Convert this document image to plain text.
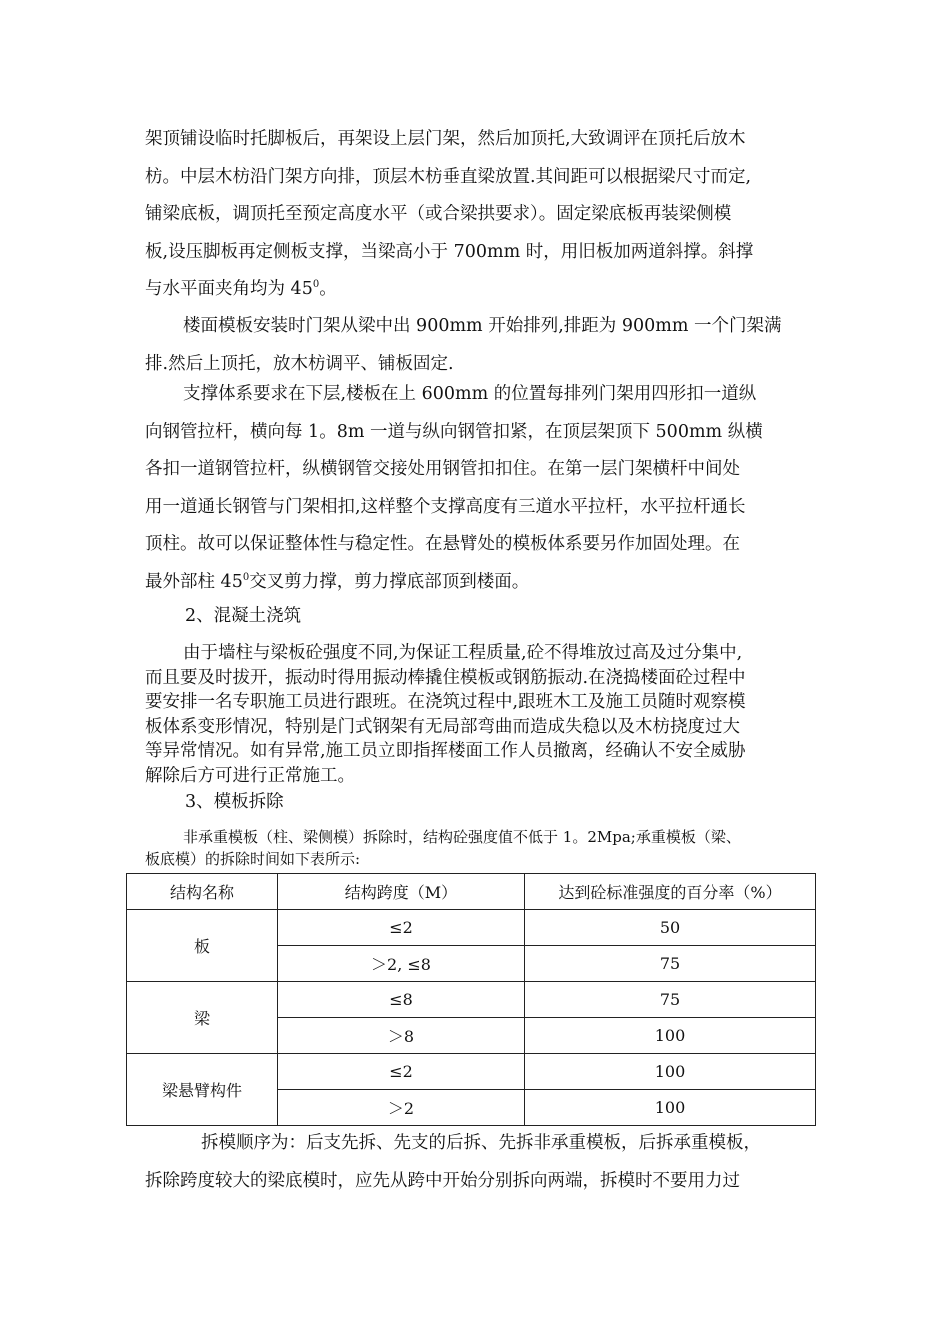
架顶铺设临时托脚板后，再架设上层门架，然后加顶托,大致调评在顶托后放木
枋。中层木枋沿门架方向排，顶层木枋垂直梁放置.其间距可以根据梁尺寸而定,
铺梁底板，调顶托至预定高度水平（或合梁拱要求）。固定梁底板再装梁侧模
板,设压脚板再定侧板支撑，当梁高小于 700mm 时，用旧板加两道斜撑。斜撑
与水平面夹角均为 $45^0$。
楼面模板安装时门架从梁中出 900mm 开始排列,排距为 900mm 一个门架满
排.然后上顶托，放木枋调平、铺板固定.
支撑体系要求在下层,楼板在上 600mm 的位置每排列门架用四形扣一道纵
向钢管拉杆，横向每 1。8m 一道与纵向钢管扣紧，在顶层架顶下 500mm 纵横
各扣一道钢管拉杆，纵横钢管交接处用钢管扣扣住。在第一层门架横杆中间处
用一道通长钢管与门架相扣,这样整个支撑高度有三道水平拉杆，水平拉杆通长
顶柱。故可以保证整体性与稳定性。在悬臂处的模板体系要另作加固处理。在
最外部柱 $45^0$交叉剪力撑，剪力撑底部顶到楼面。
2、混凝土浇筑
由于墙柱与梁板砼强度不同,为保证工程质量,砼不得堆放过高及过分集中,
而且要及时拔开，振动时得用振动棒撬住模板或钢筋振动.在浇捣楼面砼过程中
要安排一名专职施工员进行跟班。在浇筑过程中,跟班木工及施工员随时观察模
板体系变形情况，特别是门式钢架有无局部弯曲而造成失稳以及木枋挠度过大
等异常情况。如有异常,施工员立即指挥楼面工作人员撤离，经确认不安全威胁
解除后方可进行正常施工。
3、模板拆除
非承重模板（柱、梁侧模）拆除时，结构砼强度值不低于 1。2Mpa;承重模板（梁、
板底模）的拆除时间如下表所示:
结构名称	结构跨度（M）	达到砼标准强度的百分率（%）
板	≤2	50
	＞2, ≤8	75
梁	≤8	75
	＞8	100
梁悬臂构件	≤2	100
	＞2	100
拆模顺序为：后支先拆、先支的后拆、先拆非承重模板，后拆承重模板，
拆除跨度较大的梁底模时，应先从跨中开始分别拆向两端，拆模时不要用力过
